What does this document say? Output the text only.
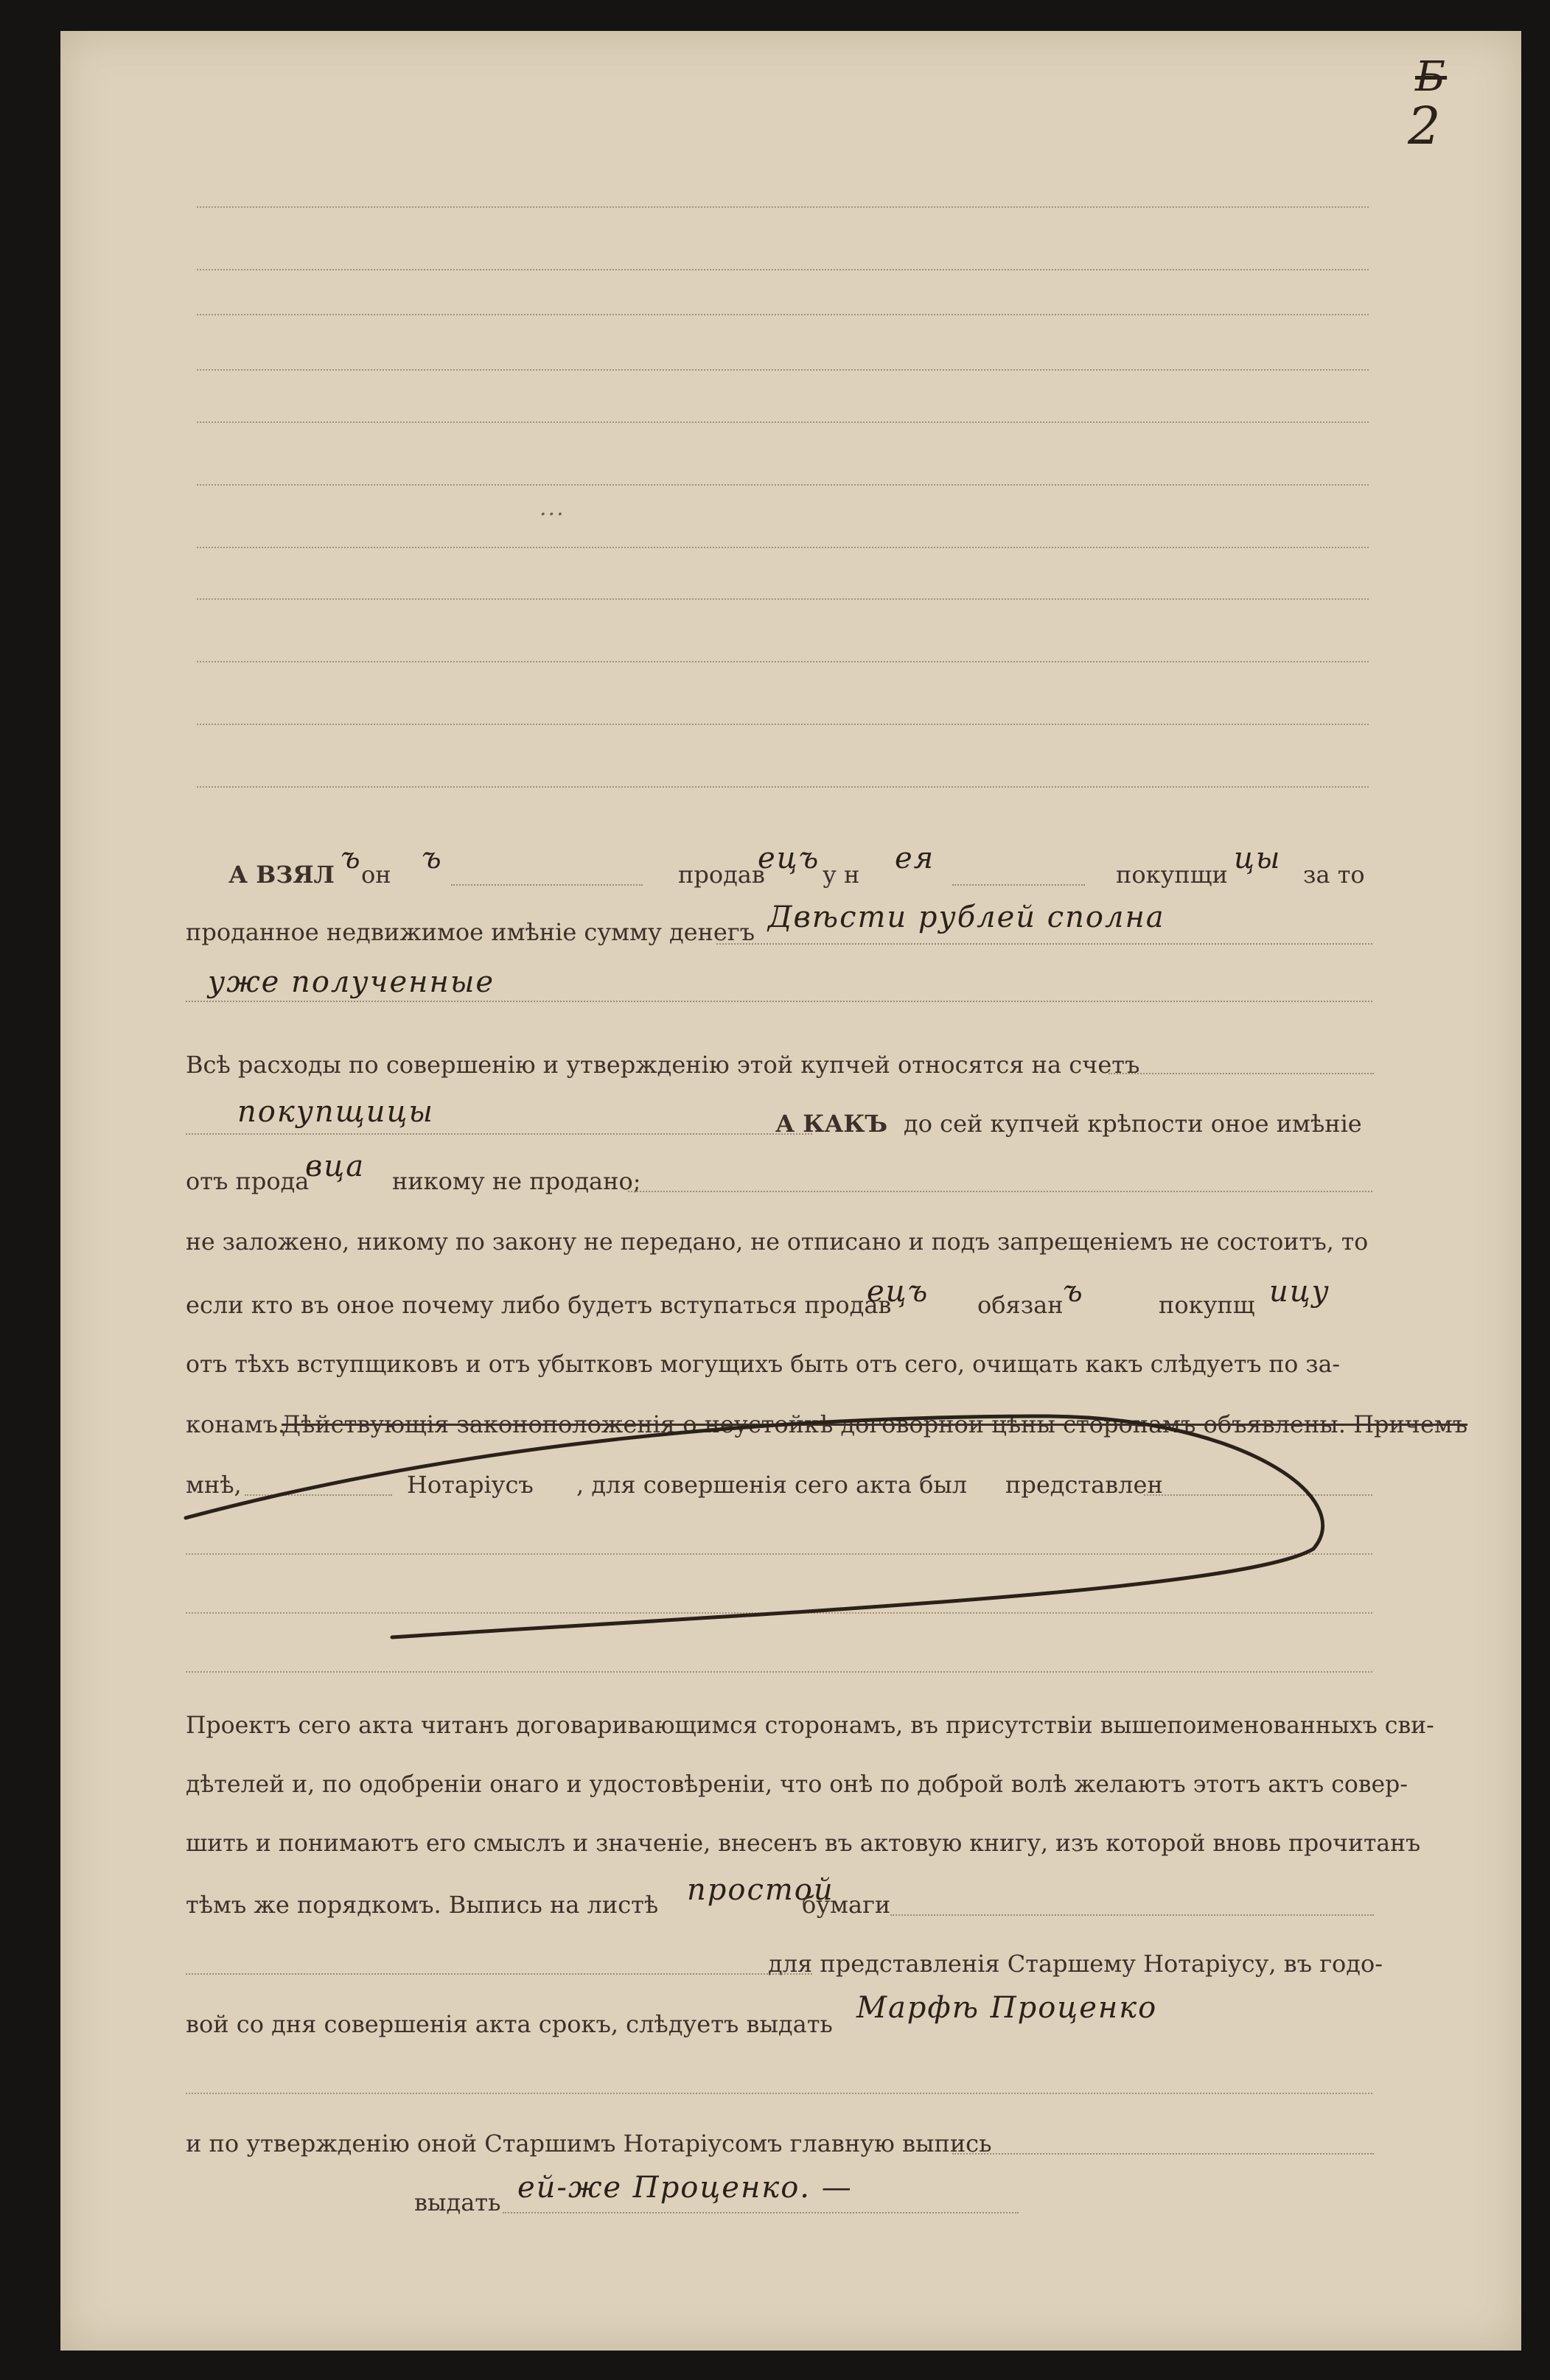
2
Б
...
А ВЗЯЛ ъ он ъ	продав
ецъ у н ея	покупщи цы за то
проданное недвижимое имѣніе сумму денегъ Двѣсти рублей сполна
уже полученные
Всѣ расходы по совершенію и утвержденію этой купчей относятся на счетъ
покупщицы	А КАКЪ до сей купчей крѣпости оное имѣніе
отъ прода
вца никому не продано;
не заложено, никому по закону не передано, не отписано и подъ запрещеніемъ не состоитъ, то
если кто въ оное почему либо будетъ вступаться продав
ецъ обязан ъ	покупщ ицу
отъ тѣхъ вступщиковъ и отъ убытковъ могущихъ быть отъ сего, очищать какъ слѣдуетъ по за-
конамъ.
Дѣйствующія законоположенія о неустойкѣ договорной цѣны сторонамъ объявлены. Причемъ
мнѣ,	Нотаріусъ , для совершенія сего акта был представлен
Проектъ сего акта читанъ договаривающимся сторонамъ, въ присутствіи вышепоименованныхъ сви-
дѣтелей и, по одобреніи онаго и удостовѣреніи, что онѣ по доброй волѣ желаютъ этотъ актъ совер-
шить и понимаютъ его смыслъ и значеніе, внесенъ въ актовую книгу, изъ которой вновь прочитанъ
тѣмъ же порядкомъ. Выпись на листѣ простой
бумаги
для представленія Старшему Нотаріусу, въ годо-
вой со дня совершенія акта срокъ, слѣдуетъ выдать Марфѣ Проценко
и по утвержденію оной Старшимъ Нотаріусомъ главную выпись
выдать ей-же Проценко. —
